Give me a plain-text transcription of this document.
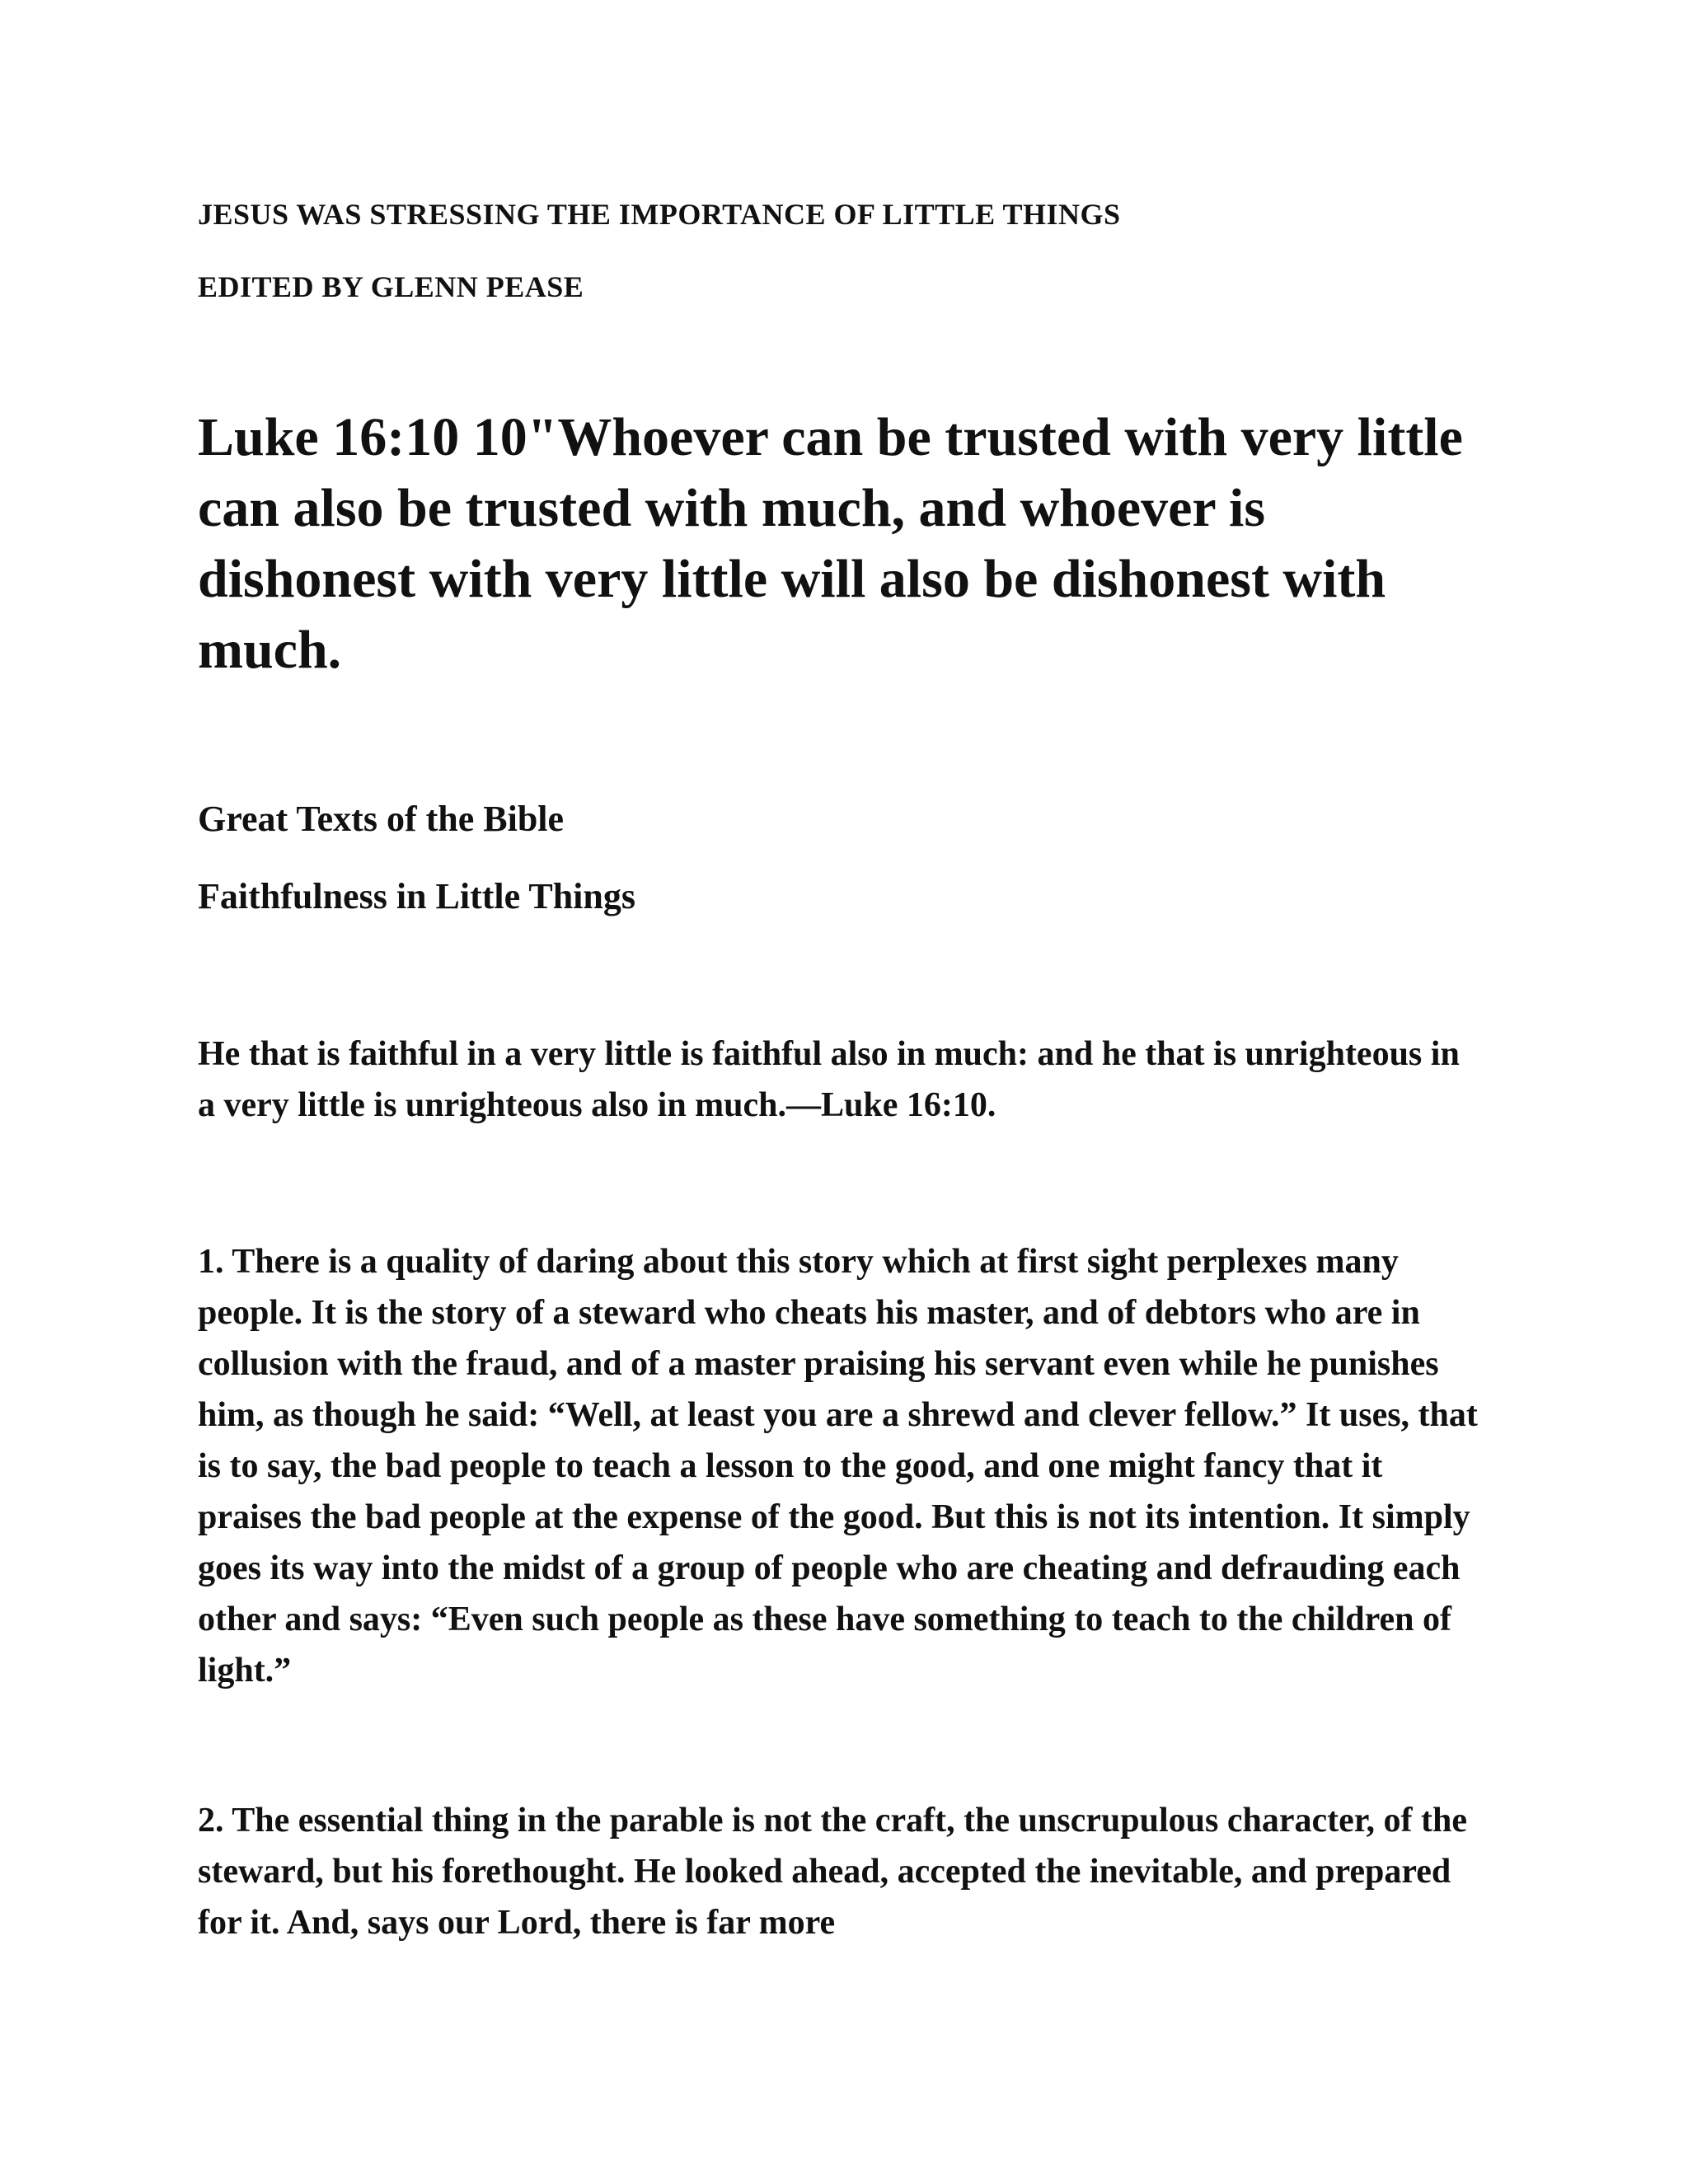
JESUS WAS STRESSING THE IMPORTANCE OF LITTLE THINGS
EDITED BY GLENN PEASE
Luke 16:10 10"Whoever can be trusted with very little can also be trusted with much, and whoever is dishonest with very little will also be dishonest with much.
Great Texts of the Bible
Faithfulness in Little Things
He that is faithful in a very little is faithful also in much: and he that is unrighteous in a very little is unrighteous also in much.—Luke 16:10.
1. There is a quality of daring about this story which at first sight perplexes many people. It is the story of a steward who cheats his master, and of debtors who are in collusion with the fraud, and of a master praising his servant even while he punishes him, as though he said: “Well, at least you are a shrewd and clever fellow.” It uses, that is to say, the bad people to teach a lesson to the good, and one might fancy that it praises the bad people at the expense of the good. But this is not its intention. It simply goes its way into the midst of a group of people who are cheating and defrauding each other and says: “Even such people as these have something to teach to the children of light.”
2. The essential thing in the parable is not the craft, the unscrupulous character, of the steward, but his forethought. He looked ahead, accepted the inevitable, and prepared for it. And, says our Lord, there is far more
